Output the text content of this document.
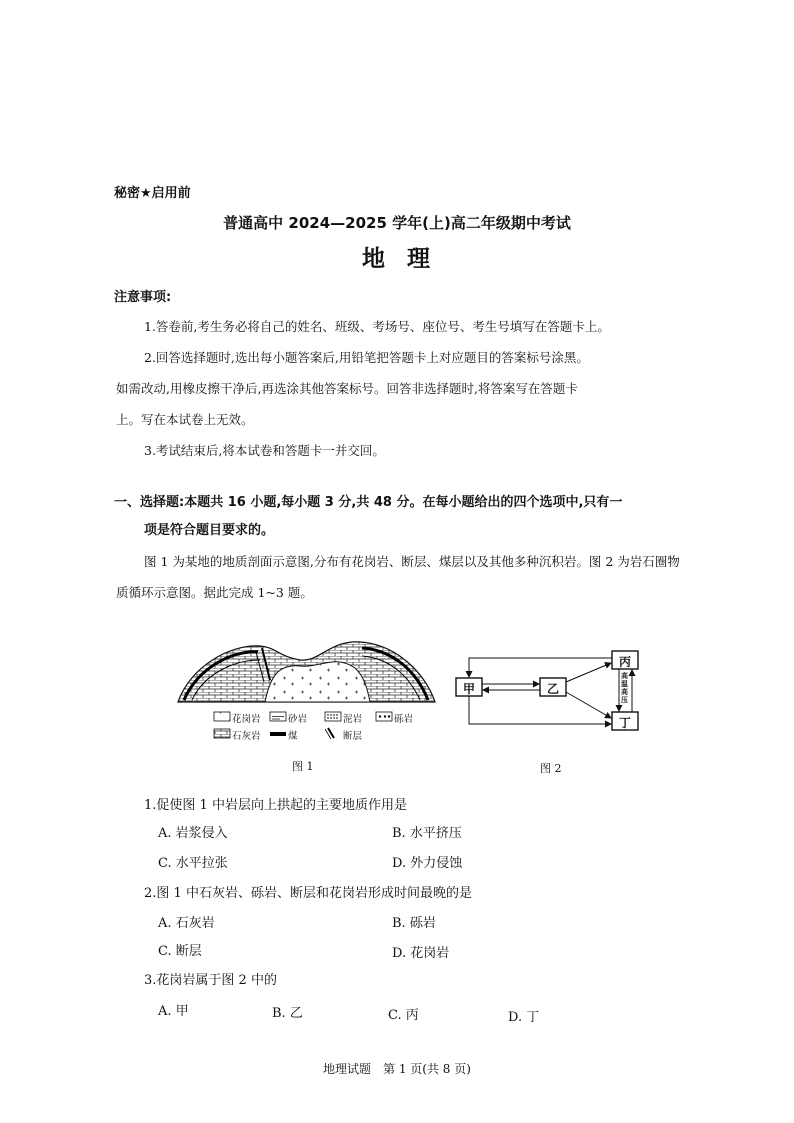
秘密★启用前
普通高中 2024—2025 学年(上)高二年级期中考试
地理
注意事项:
1.答卷前,考生务必将自己的姓名、班级、考场号、座位号、考生号填写在答题卡上。
2.回答选择题时,选出每小题答案后,用铅笔把答题卡上对应题目的答案标号涂黑。
如需改动,用橡皮擦干净后,再选涂其他答案标号。回答非选择题时,将答案写在答题卡
上。写在本试卷上无效。
3.考试结束后,将本试卷和答题卡一并交回。
一、选择题:本题共 16 小题,每小题 3 分,共 48 分。在每小题给出的四个选项中,只有一
项是符合题目要求的。
图 1 为某地的地质剖面示意图,分布有花岗岩、断层、煤层以及其他多种沉积岩。图 2 为岩石圈物质循环示意图。据此完成 1~3 题。
花岗岩	砂岩	泥岩	砾岩
石灰岩	煤	断层
图 1
甲	乙
丙
丁
高温高压
图 2
1.促使图 1 中岩层向上拱起的主要地质作用是
A. 岩浆侵入	B. 水平挤压
C. 水平拉张	D. 外力侵蚀
2.图 1 中石灰岩、砾岩、断层和花岗岩形成时间最晚的是
A. 石灰岩	B. 砾岩
C. 断层	D. 花岗岩
3.花岗岩属于图 2 中的
A. 甲	B. 乙	C. 丙	D. 丁
地理试题　第 1 页(共 8 页)
